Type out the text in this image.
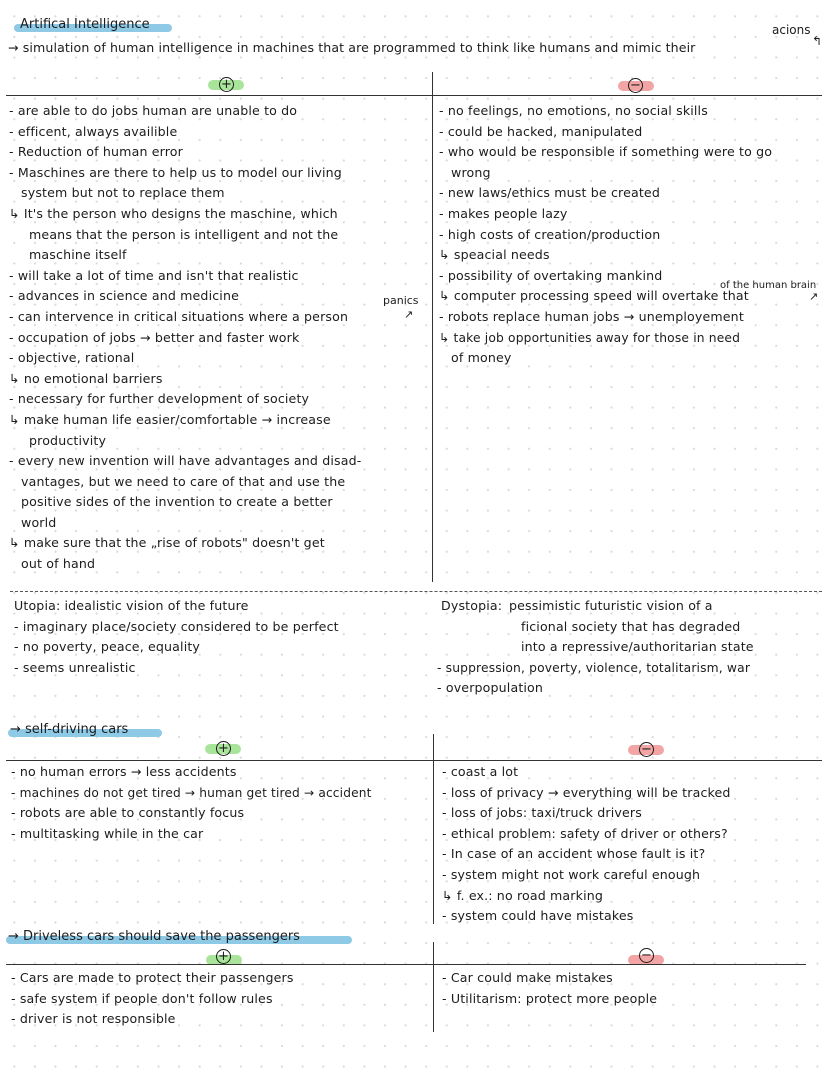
Artifical Intelligence
→ simulation of human intelligence in machines that are programmed to think like humans and mimic their
acions
↰
+	−
- are able to do jobs human are unable to do
- efficent, always availible
- Reduction of human error
- Maschines are there to help us to model our living
system but not to replace them
↳ It's the person who designs the maschine, which
means that the person is intelligent and not the
maschine itself
- will take a lot of time and isn't that realistic
- advances in science and medicine
- can intervence in critical situations where a person
- occupation of jobs → better and faster work
- objective, rational
↳ no emotional barriers
- necessary for further development of society
↳ make human life easier/comfortable → increase
productivity
- every new invention will have advantages and disad-
vantages, but we need to care of that and use the
positive sides of the invention to create a better
world
↳ make sure that the „rise of robots" doesn't get
out of hand
panics
↗
- no feelings, no emotions, no social skills
- could be hacked, manipulated
- who would be responsible if something were to go
wrong
- new laws/ethics must be created
- makes people lazy
- high costs of creation/production
↳ speacial needs
- possibility of overtaking mankind
↳ computer processing speed will overtake that
- robots replace human jobs → unemployement
↳ take job opportunities away for those in need
of money
of the human brain
↗
Utopia: idealistic vision of the future
- imaginary place/society considered to be perfect
- no poverty, peace, equality
- seems unrealistic
Dystopia: pessimistic futuristic vision of a
ficional society that has degraded
into a repressive/authoritarian state
- suppression, poverty, violence, totalitarism, war
- overpopulation
→ self-driving cars
+	−
- no human errors → less accidents
- machines do not get tired → human get tired → accident
- robots are able to constantly focus
- multitasking while in the car
- coast a lot
- loss of privacy → everything will be tracked
- loss of jobs: taxi/truck drivers
- ethical problem: safety of driver or others?
- In case of an accident whose fault is it?
- system might not work careful enough
↳ f. ex.: no road marking
- system could have mistakes
→ Driveless cars should save the passengers
+	−
- Cars are made to protect their passengers
- safe system if people don't follow rules
- driver is not responsible
- Car could make mistakes
- Utilitarism: protect more people
